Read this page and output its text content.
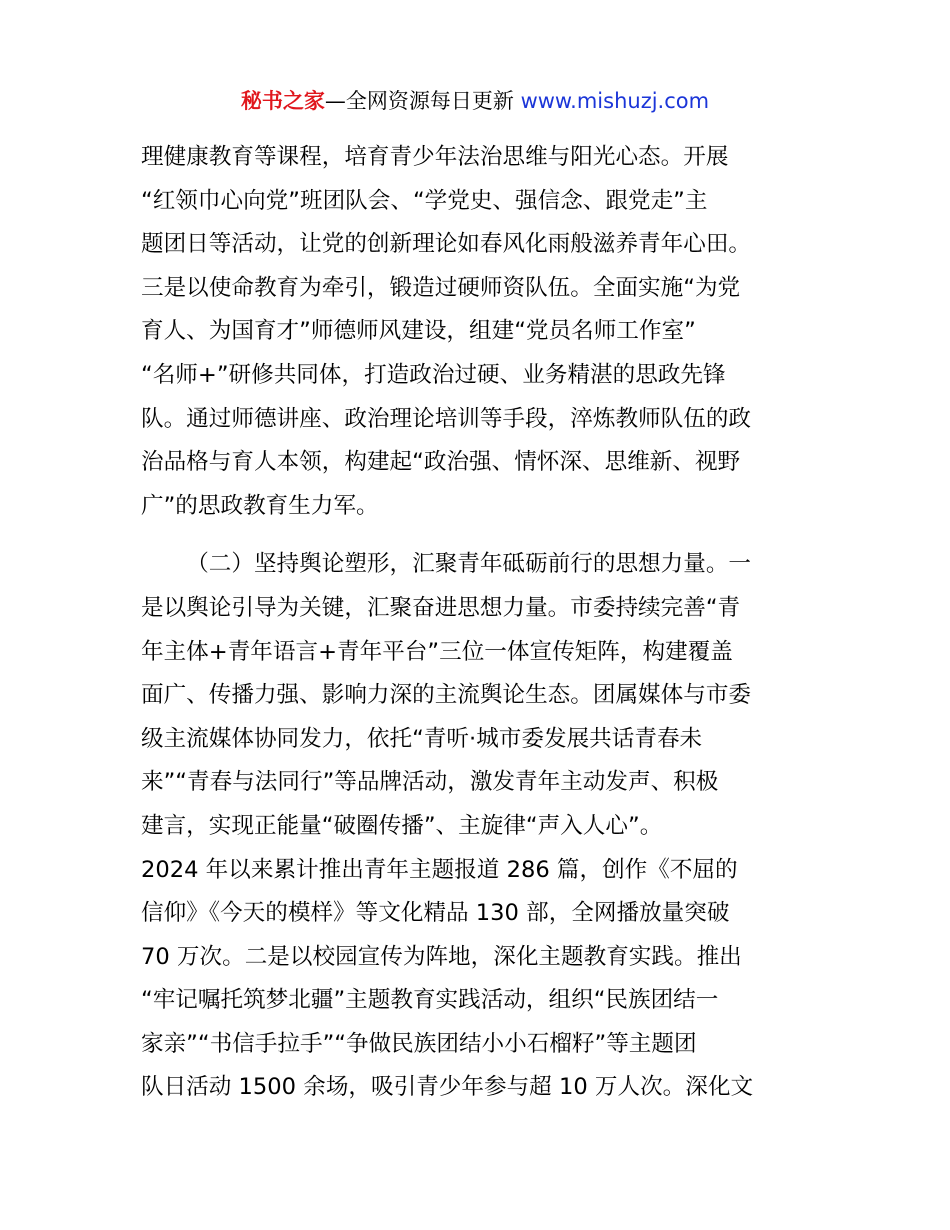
秘书之家—全网资源每日更新 www.mishuzj.com
理健康教育等课程，培育青少年法治思维与阳光心态。开展
“红领巾心向党”班团队会、“学党史、强信念、跟党走”主
题团日等活动，让党的创新理论如春风化雨般滋养青年心田。
三是以使命教育为牵引，锻造过硬师资队伍。全面实施“为党
育人、为国育才”师德师风建设，组建“党员名师工作室”
“名师+”研修共同体，打造政治过硬、业务精湛的思政先锋
队。通过师德讲座、政治理论培训等手段，淬炼教师队伍的政
治品格与育人本领，构建起“政治强、情怀深、思维新、视野
广”的思政教育生力军。
（二）坚持舆论塑形，汇聚青年砥砺前行的思想力量。一
是以舆论引导为关键，汇聚奋进思想力量。市委持续完善“青
年主体+青年语言+青年平台”三位一体宣传矩阵，构建覆盖
面广、传播力强、影响力深的主流舆论生态。团属媒体与市委
级主流媒体协同发力，依托“青听·城市委发展共话青春未
来”“青春与法同行”等品牌活动，激发青年主动发声、积极
建言，实现正能量“破圈传播”、主旋律“声入人心”。
2024 年以来累计推出青年主题报道 286 篇，创作《不屈的
信仰》《今天的模样》等文化精品 130 部，全网播放量突破
70 万次。二是以校园宣传为阵地，深化主题教育实践。推出
“牢记嘱托筑梦北疆”主题教育实践活动，组织“民族团结一
家亲”“书信手拉手”“争做民族团结小小石榴籽”等主题团
队日活动 1500 余场，吸引青少年参与超 10 万人次。深化文
